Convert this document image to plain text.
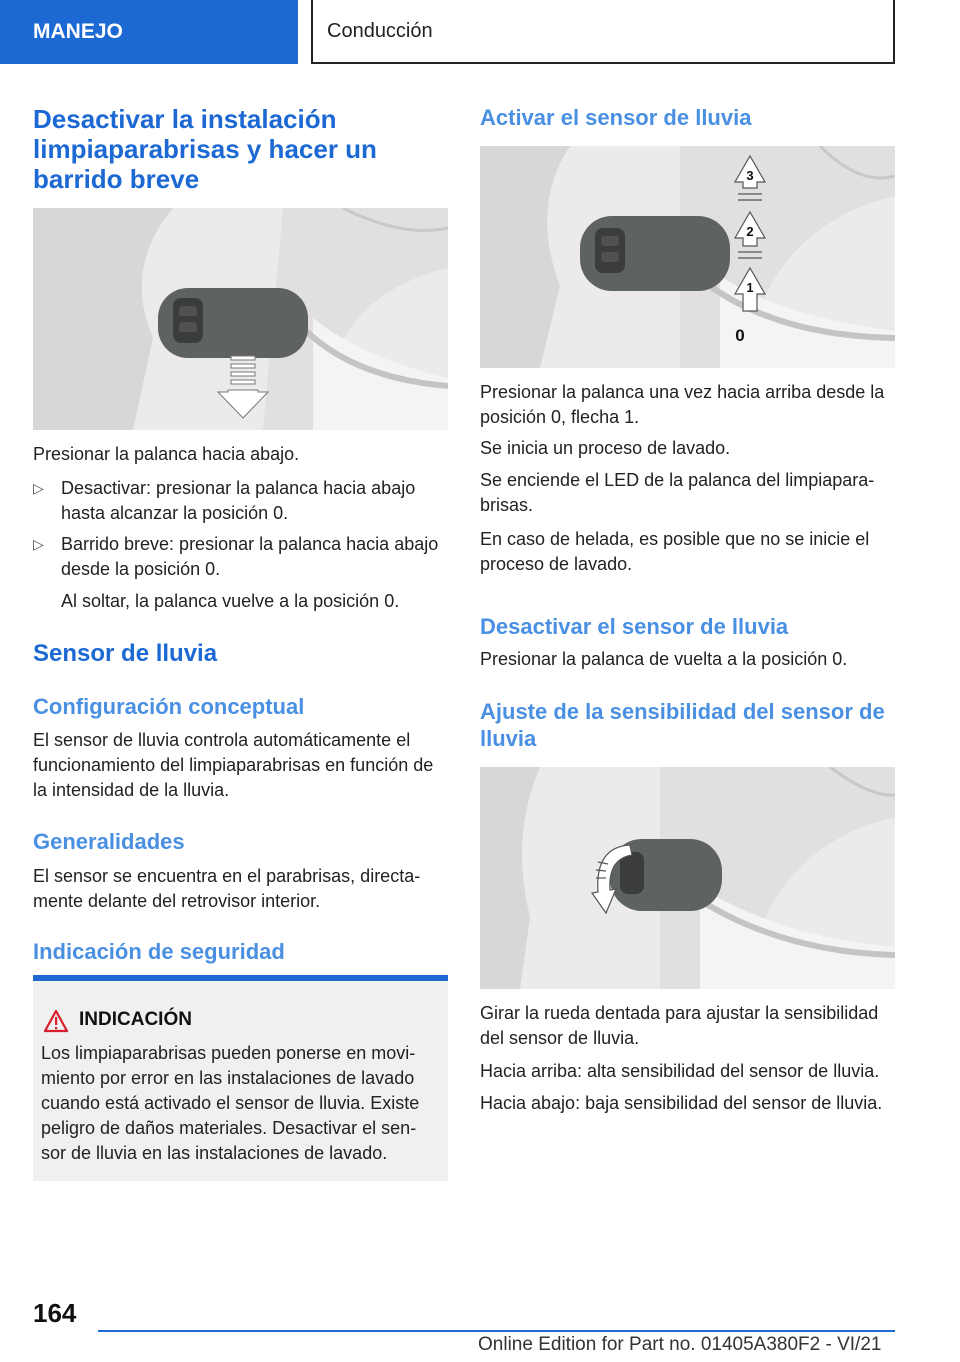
MANEJO	Conducción
Desactivar la instalación limpiaparabrisas y hacer un barrido breve

Presionar la palanca hacia abajo.

▷ Desactivar: presionar la palanca hacia abajo hasta alcanzar la posición 0.

▷ Barrido breve: presionar la palanca hacia abajo desde la posición 0.

Al soltar, la palanca vuelve a la posición 0.

Sensor de lluvia
Configuración conceptual

El sensor de lluvia controla automáticamente el funcionamiento del limpiaparabrisas en función de la intensidad de la lluvia.

Generalidades

El sensor se encuentra en el parabrisas, directa-mente delante del retrovisor interior.

Indicación de seguridad
INDICACIÓN

Los limpiaparabrisas pueden ponerse en movi-miento por error en las instalaciones de lavado cuando está activado el sensor de lluvia. Existe peligro de daños materiales. Desactivar el sen-sor de lluvia en las instalaciones de lavado.

Activar el sensor de lluvia
3
2
1
0

Presionar la palanca una vez hacia arriba desde la posición 0, flecha 1.

Se inicia un proceso de lavado.

Se enciende el LED de la palanca del limpiapara-brisas.

En caso de helada, es posible que no se inicie el proceso de lavado.

Desactivar el sensor de lluvia

Presionar la palanca de vuelta a la posición 0.

Ajuste de la sensibilidad del sensor de lluvia

Girar la rueda dentada para ajustar la sensibilidad del sensor de lluvia.

Hacia arriba: alta sensibilidad del sensor de lluvia.

Hacia abajo: baja sensibilidad del sensor de lluvia.

164
Online Edition for Part no. 01405A380F2 - VI/21
